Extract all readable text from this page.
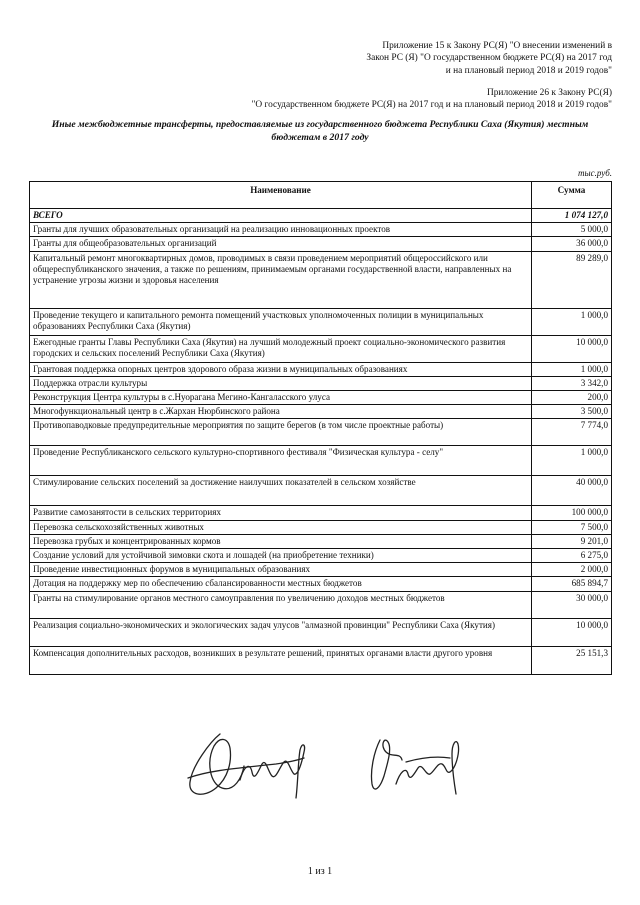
Приложение 15 к Закону РС(Я) "О внесении изменений в
Закон РС (Я) "О государственном бюджете РС(Я) на 2017 год
и на плановый период 2018 и 2019 годов"
Приложение 26 к Закону РС(Я)
"О государственном бюджете РС(Я) на 2017 год и на плановый период 2018 и 2019 годов"
Иные межбюджетные трансферты, предоставляемые из государственного бюджета Республики Саха (Якутия) местным
бюджетам в 2017 году
тыс.руб.
Наименование	Сумма
ВСЕГО	1 074 127,0
Гранты для лучших образовательных организаций на реализацию инновационных проектов	5 000,0
Гранты для общеобразовательных организаций	36 000,0
Капитальный ремонт многоквартирных домов, проводимых в связи проведением мероприятий общероссийского или общереспубликанского значения, а также по решениям, принимаемым органами государственной власти, направленных на устранение угрозы жизни и здоровья населения	89 289,0
Проведение текущего и капитального ремонта помещений участковых уполномоченных полиции в муниципальных образованиях Республики Саха (Якутия)	1 000,0
Ежегодные гранты Главы Республики Саха (Якутия) на лучший молодежный проект социально-экономического развития городских и сельских поселений Республики Саха (Якутия)	10 000,0
Грантовая поддержка опорных центров здорового образа жизни в муниципальных образованиях	1 000,0
Поддержка отрасли культуры	3 342,0
Реконструкция Центра культуры в с.Нуорагана Мегино-Кангаласского улуса	200,0
Многофункциональный центр в с.Жархан Нюрбинского района	3 500,0
Противопаводковые предупредительные мероприятия по защите берегов (в том числе проектные работы)	7 774,0
Проведение Республиканского сельского культурно-спортивного фестиваля "Физическая культура - селу"	1 000,0
Стимулирование сельских поселений за достижение наилучших показателей в сельском хозяйстве	40 000,0
Развитие самозанятости в сельских территориях	100 000,0
Перевозка сельскохозяйственных животных	7 500,0
Перевозка грубых и концентрированных кормов	9 201,0
Создание условий для устойчивой зимовки скота и лошадей (на приобретение техники)	6 275,0
Проведение инвестиционных форумов в муниципальных образованиях	2 000,0
Дотация на поддержку мер по обеспечению сбалансированности местных бюджетов	685 894,7
Гранты на стимулирование органов местного самоуправления по увеличению доходов местных бюджетов	30 000,0
Реализация социально-экономических и экологических задач улусов "алмазной провинции" Республики Саха (Якутия)	10 000,0
Компенсация дополнительных расходов, возникших в результате решений, принятых органами власти другого уровня	25 151,3
1 из 1
